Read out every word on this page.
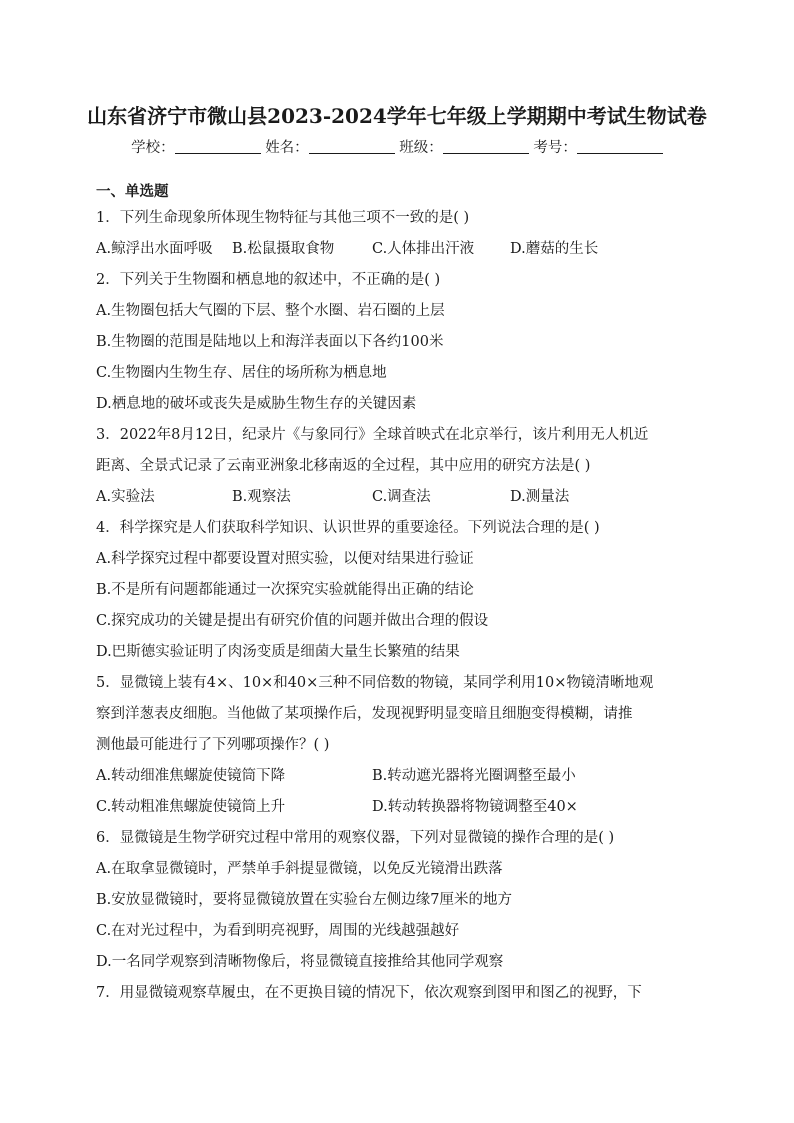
山东省济宁市微山县2023-2024学年七年级上学期期中考试生物试卷
学校：	姓名：	班级：	考号：
一、单选题
1．下列生命现象所体现生物特征与其他三项不一致的是( )
A.鲸浮出水面呼吸 B.松鼠摄取食物	C.人体排出汗液 D.蘑菇的生长
2．下列关于生物圈和栖息地的叙述中，不正确的是( )
A.生物圈包括大气圈的下层、整个水圈、岩石圈的上层
B.生物圈的范围是陆地以上和海洋表面以下各约100米
C.生物圈内生物生存、居住的场所称为栖息地
D.栖息地的破坏或丧失是威胁生物生存的关键因素
3．2022年8月12日，纪录片《与象同行》全球首映式在北京举行，该片利用无人机近
距离、全景式记录了云南亚洲象北移南返的全过程，其中应用的研究方法是( )
A.实验法	B.观察法	C.调查法	D.测量法
4．科学探究是人们获取科学知识、认识世界的重要途径。下列说法合理的是( )
A.科学探究过程中都要设置对照实验，以便对结果进行验证
B.不是所有问题都能通过一次探究实验就能得出正确的结论
C.探究成功的关键是提出有研究价值的问题并做出合理的假设
D.巴斯德实验证明了肉汤变质是细菌大量生长繁殖的结果
5．显微镜上装有4×、10×和40×三种不同倍数的物镜，某同学利用10×物镜清晰地观
察到洋葱表皮细胞。当他做了某项操作后，发现视野明显变暗且细胞变得模糊，请推
测他最可能进行了下列哪项操作？( )
A.转动细准焦螺旋使镜筒下降	B.转动遮光器将光圈调整至最小
C.转动粗准焦螺旋使镜筒上升	D.转动转换器将物镜调整至40×
6．显微镜是生物学研究过程中常用的观察仪器，下列对显微镜的操作合理的是( )
A.在取拿显微镜时，严禁单手斜提显微镜，以免反光镜滑出跌落
B.安放显微镜时，要将显微镜放置在实验台左侧边缘7厘米的地方
C.在对光过程中，为看到明亮视野，周围的光线越强越好
D.一名同学观察到清晰物像后，将显微镜直接推给其他同学观察
7．用显微镜观察草履虫，在不更换目镜的情况下，依次观察到图甲和图乙的视野，下
